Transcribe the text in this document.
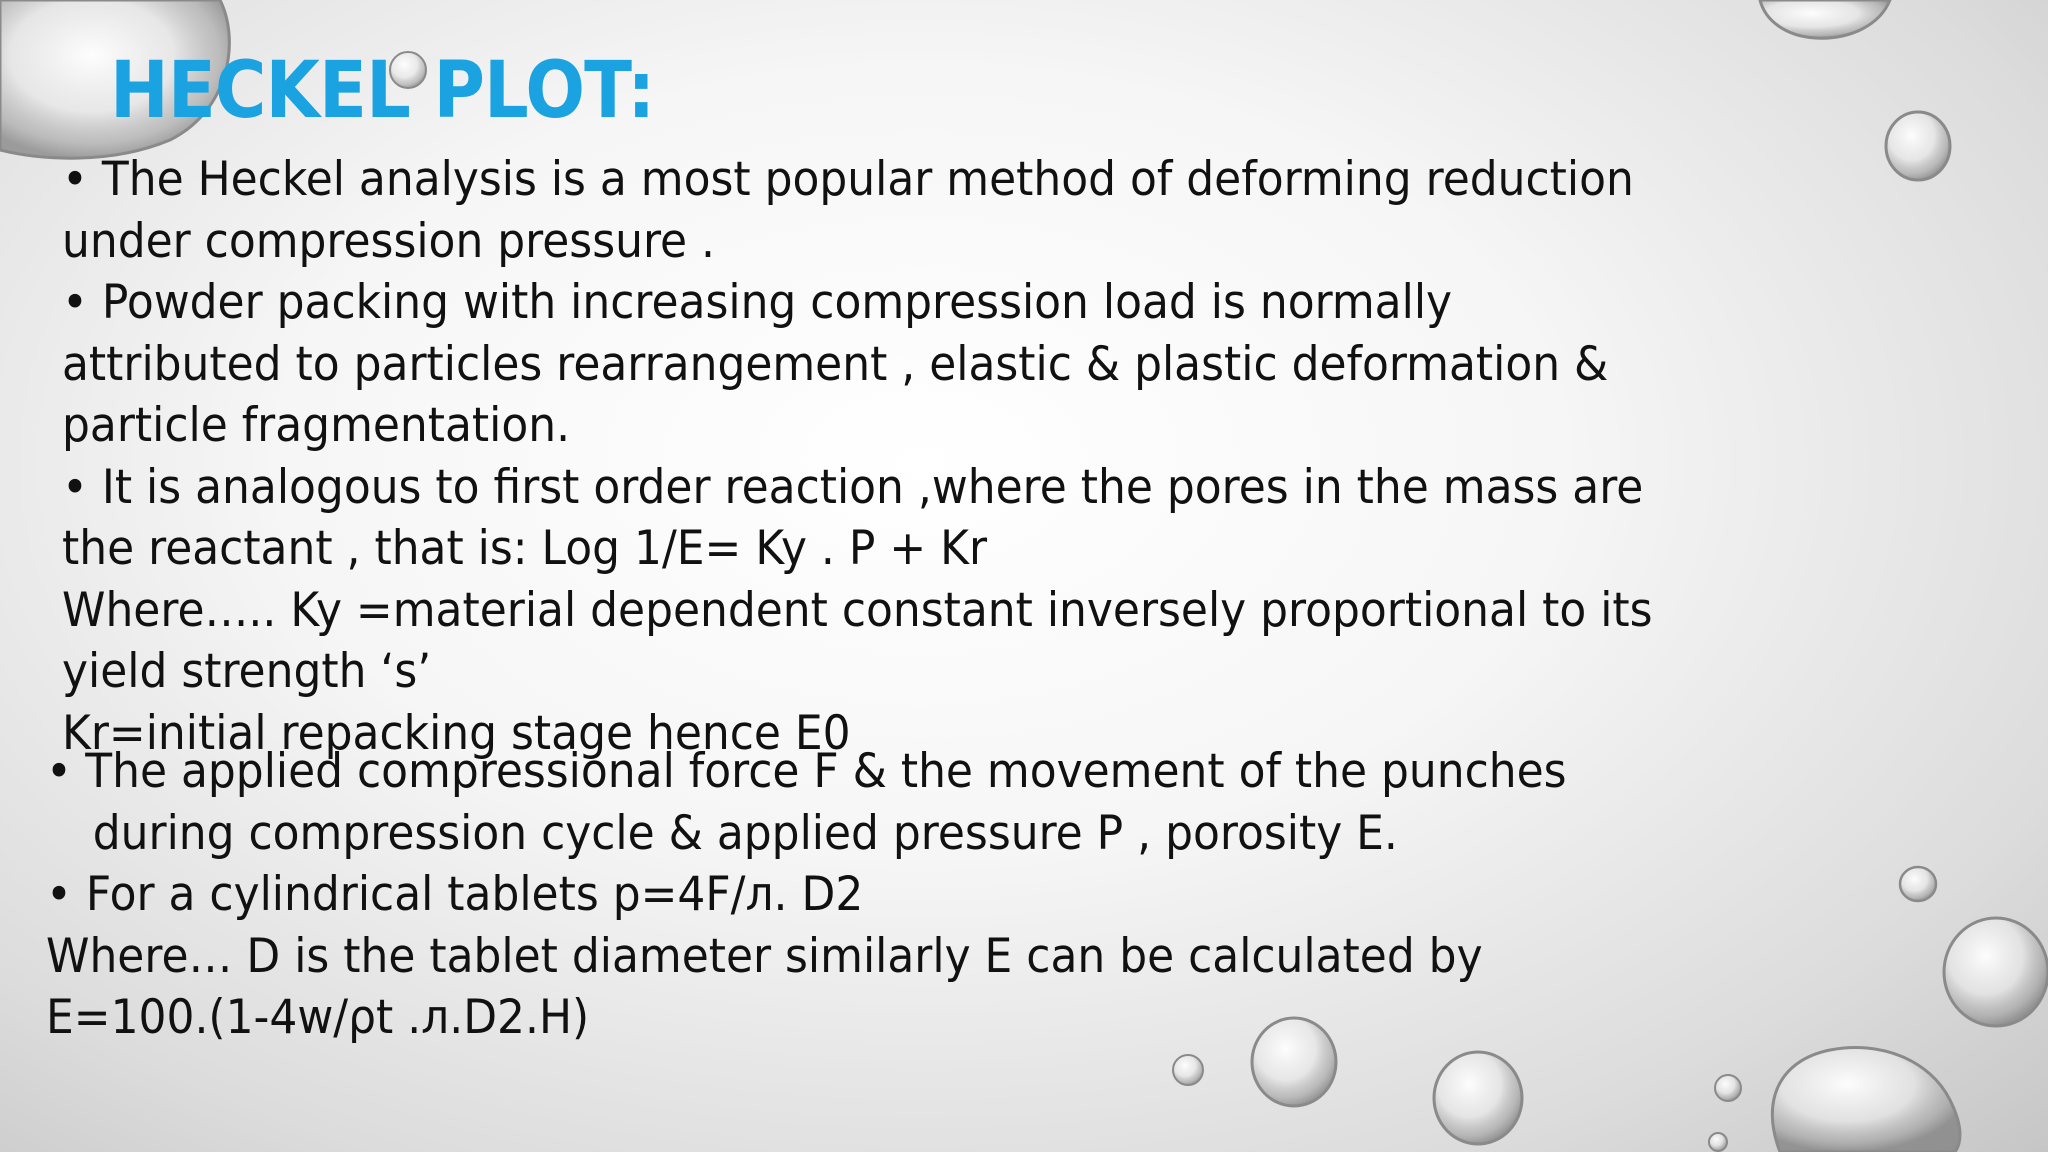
HECKEL PLOT:
• The Heckel analysis is a most popular method of deforming reduction
under compression pressure .
• Powder packing with increasing compression load is normally
attributed to particles rearrangement , elastic & plastic deformation &
particle fragmentation.
• It is analogous to first order reaction ,where the pores in the mass are
the reactant , that is: Log 1/E= Ky . P + Kr
Where….. Ky =material dependent constant inversely proportional to its
yield strength ‘s’
Kr=initial repacking stage hence E0
• The applied compressional force F & the movement of the punches
during compression cycle & applied pressure P , porosity E.
• For a cylindrical tablets p=4F/л. D2
Where… D is the tablet diameter similarly E can be calculated by
E=100.(1-4w/ρt .л.D2.H)
